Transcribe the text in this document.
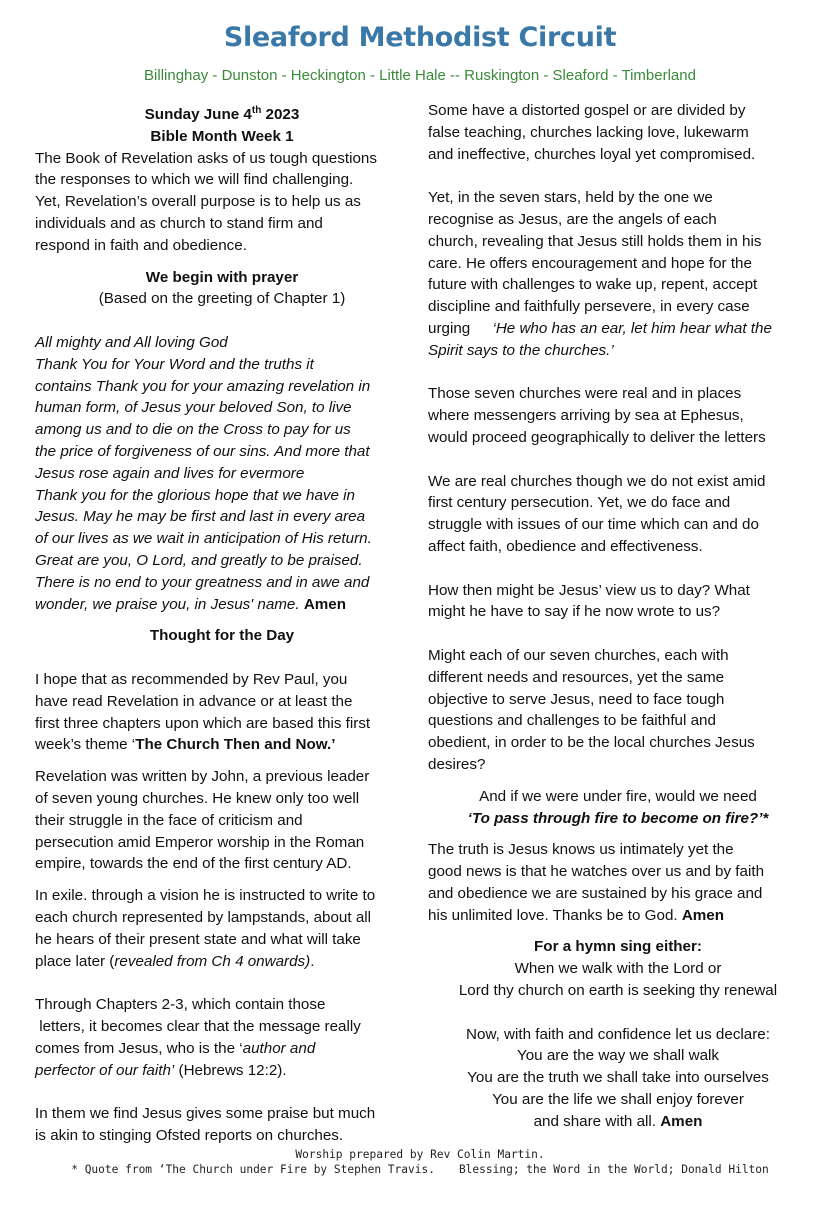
Sleaford Methodist Circuit
Billinghay - Dunston - Heckington - Little Hale -- Ruskington - Sleaford - Timberland

Sunday June 4th 2023

Bible Month Week 1

The Book of Revelation asks of us tough questions

the responses to which we will find challenging.

Yet, Revelation’s overall purpose is to help us as

individuals and as church to stand firm and

respond in faith and obedience.

We begin with prayer

(Based on the greeting of Chapter 1)

All mighty and All loving God

Thank You for Your Word and the truths it

contains Thank you for your amazing revelation in

human form, of Jesus your beloved Son, to live

among us and to die on the Cross to pay for us

the price of forgiveness of our sins. And more that

Jesus rose again and lives for evermore

Thank you for the glorious hope that we have in

Jesus. May he may be first and last in every area

of our lives as we wait in anticipation of His return.

Great are you, O Lord, and greatly to be praised.

There is no end to your greatness and in awe and

wonder, we praise you, in Jesus' name. Amen

Thought for the Day

I hope that as recommended by Rev Paul, you

have read Revelation in advance or at least the

first three chapters upon which are based this first

week’s theme ‘The Church Then and Now.’

Revelation was written by John, a previous leader

of seven young churches. He knew only too well

their struggle in the face of criticism and

persecution amid Emperor worship in the Roman

empire, towards the end of the first century AD.

In exile. through a vision he is instructed to write to

each church represented by lampstands, about all

he hears of their present state and what will take

place later (revealed from Ch 4 onwards).

Through Chapters 2-3, which contain those

letters, it becomes clear that the message really

comes from Jesus, who is the ‘author and

perfector of our faith’ (Hebrews 12:2).

In them we find Jesus gives some praise but much

is akin to stinging Ofsted reports on churches.

Some have a distorted gospel or are divided by

false teaching, churches lacking love, lukewarm

and ineffective, churches loyal yet compromised.

Yet, in the seven stars, held by the one we

recognise as Jesus, are the angels of each

church, revealing that Jesus still holds them in his

care. He offers encouragement and hope for the

future with challenges to wake up, repent, accept

discipline and faithfully persevere, in every case

urging ‘He who has an ear, let him hear what the

Spirit says to the churches.’

Those seven churches were real and in places

where messengers arriving by sea at Ephesus,

would proceed geographically to deliver the letters

We are real churches though we do not exist amid

first century persecution. Yet, we do face and

struggle with issues of our time which can and do

affect faith, obedience and effectiveness.

How then might be Jesus’ view us to day? What

might he have to say if he now wrote to us?

Might each of our seven churches, each with

different needs and resources, yet the same

objective to serve Jesus, need to face tough

questions and challenges to be faithful and

obedient, in order to be the local churches Jesus

desires?

And if we were under fire, would we need

‘To pass through fire to become on fire?’*

The truth is Jesus knows us intimately yet the

good news is that he watches over us and by faith

and obedience we are sustained by his grace and

his unlimited love. Thanks be to God. Amen

For a hymn sing either:

When we walk with the Lord or

Lord thy church on earth is seeking thy renewal

Now, with faith and confidence let us declare:

You are the way we shall walk

You are the truth we shall take into ourselves

You are the life we shall enjoy forever

and share with all. Amen

Worship prepared by Rev Colin Martin.
* Quote from ‘The Church under Fire by Stephen Travis. Blessing; the Word in the World; Donald Hilton
